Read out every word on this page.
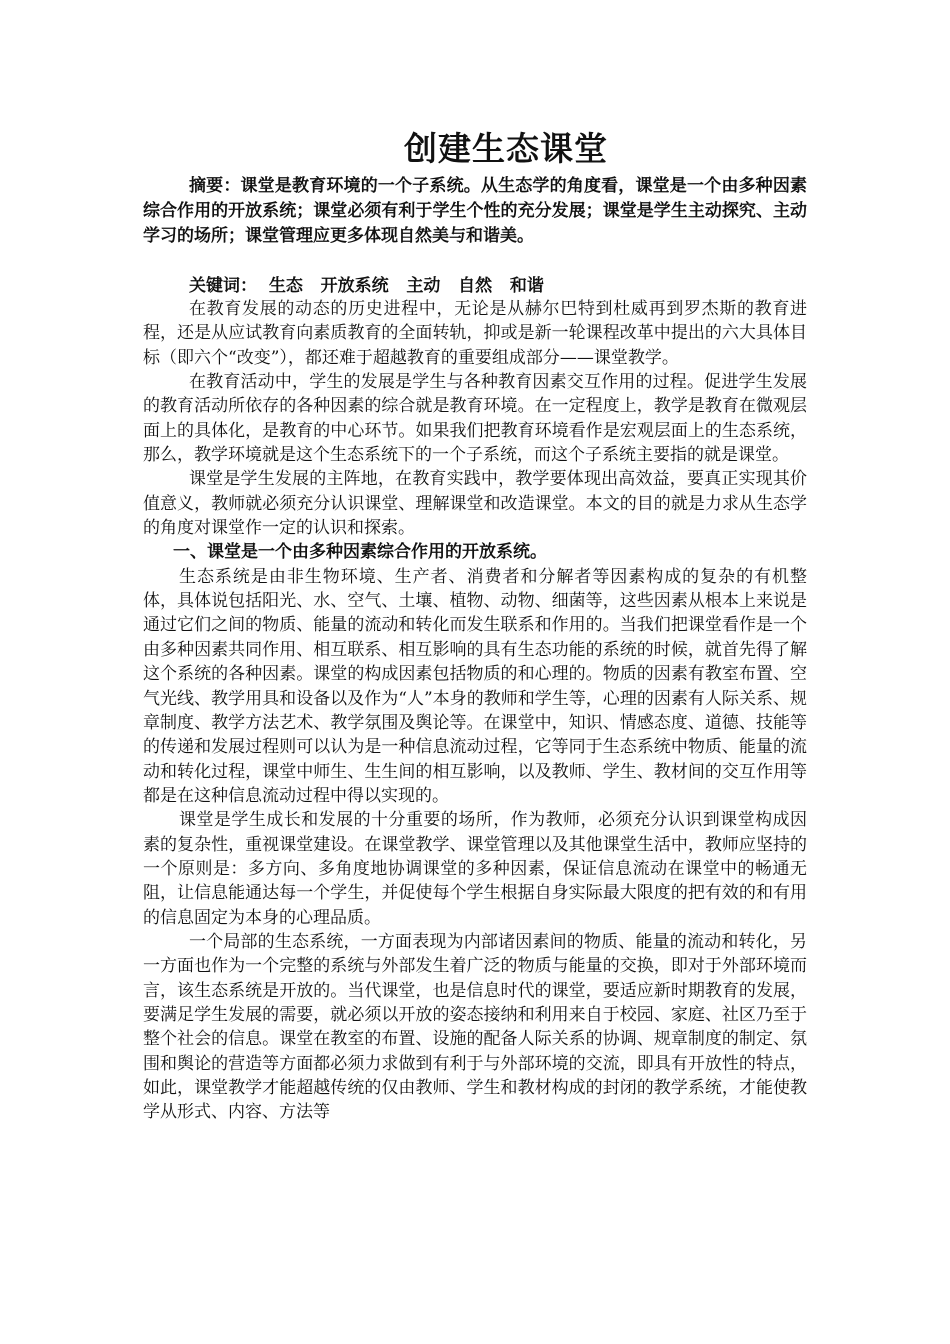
创建生态课堂

摘要：课堂是教育环境的一个子系统。从生态学的角度看，课堂是一个由多种因素综合作用的开放系统；课堂必须有利于学生个性的充分发展；课堂是学生主动探究、主动学习的场所；课堂管理应更多体现自然美与和谐美。

关键词：  生态   开放系统   主动   自然   和谐

在教育发展的动态的历史进程中，无论是从赫尔巴特到杜威再到罗杰斯的教育进程，还是从应试教育向素质教育的全面转轨，抑或是新一轮课程改革中提出的六大具体目标（即六个“改变”），都还难于超越教育的重要组成部分——课堂教学。

在教育活动中，学生的发展是学生与各种教育因素交互作用的过程。促进学生发展的教育活动所依存的各种因素的综合就是教育环境。在一定程度上，教学是教育在微观层面上的具体化，是教育的中心环节。如果我们把教育环境看作是宏观层面上的生态系统，那么，教学环境就是这个生态系统下的一个子系统，而这个子系统主要指的就是课堂。

课堂是学生发展的主阵地，在教育实践中，教学要体现出高效益，要真正实现其价值意义，教师就必须充分认识课堂、理解课堂和改造课堂。本文的目的就是力求从生态学的角度对课堂作一定的认识和探索。

一、课堂是一个由多种因素综合作用的开放系统。

生态系统是由非生物环境、生产者、消费者和分解者等因素构成的复杂的有机整体，具体说包括阳光、水、空气、土壤、植物、动物、细菌等，这些因素从根本上来说是通过它们之间的物质、能量的流动和转化而发生联系和作用的。当我们把课堂看作是一个由多种因素共同作用、相互联系、相互影响的具有生态功能的系统的时候，就首先得了解这个系统的各种因素。课堂的构成因素包括物质的和心理的。物质的因素有教室布置、空气光线、教学用具和设备以及作为“人”本身的教师和学生等，心理的因素有人际关系、规章制度、教学方法艺术、教学氛围及舆论等。在课堂中，知识、情感态度、道德、技能等的传递和发展过程则可以认为是一种信息流动过程，它等同于生态系统中物质、能量的流动和转化过程，课堂中师生、生生间的相互影响，以及教师、学生、教材间的交互作用等都是在这种信息流动过程中得以实现的。

课堂是学生成长和发展的十分重要的场所，作为教师，必须充分认识到课堂构成因素的复杂性，重视课堂建设。在课堂教学、课堂管理以及其他课堂生活中，教师应坚持的一个原则是：多方向、多角度地协调课堂的多种因素，保证信息流动在课堂中的畅通无阻，让信息能通达每一个学生，并促使每个学生根据自身实际最大限度的把有效的和有用的信息固定为本身的心理品质。

一个局部的生态系统，一方面表现为内部诸因素间的物质、能量的流动和转化，另一方面也作为一个完整的系统与外部发生着广泛的物质与能量的交换，即对于外部环境而言，该生态系统是开放的。当代课堂，也是信息时代的课堂，要适应新时期教育的发展，要满足学生发展的需要，就必须以开放的姿态接纳和利用来自于校园、家庭、社区乃至于整个社会的信息。课堂在教室的布置、设施的配备人际关系的协调、规章制度的制定、氛围和舆论的营造等方面都必须力求做到有利于与外部环境的交流，即具有开放性的特点，如此，课堂教学才能超越传统的仅由教师、学生和教材构成的封闭的教学系统，才能使教学从形式、内容、方法等
